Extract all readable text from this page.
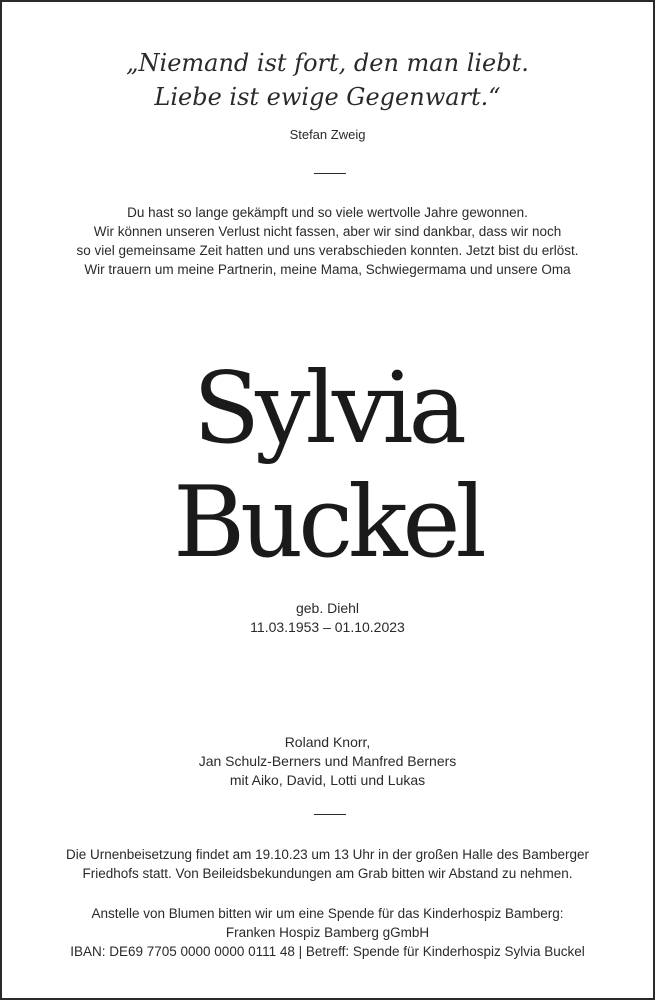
„Niemand ist fort, den man liebt.
Liebe ist ewige Gegenwart.“
Stefan Zweig
Du hast so lange gekämpft und so viele wertvolle Jahre gewonnen.
Wir können unseren Verlust nicht fassen, aber wir sind dankbar, dass wir noch
so viel gemeinsame Zeit hatten und uns verabschieden konnten. Jetzt bist du erlöst.
Wir trauern um meine Partnerin, meine Mama, Schwiegermama und unsere Oma
Sylvia
Buckel
geb. Diehl
11.03.1953 – 01.10.2023
Roland Knorr,
Jan Schulz-Berners und Manfred Berners
mit Aiko, David, Lotti und Lukas
Die Urnenbeisetzung findet am 19.10.23 um 13 Uhr in der großen Halle des Bamberger
Friedhofs statt. Von Beileidsbekundungen am Grab bitten wir Abstand zu nehmen.
Anstelle von Blumen bitten wir um eine Spende für das Kinderhospiz Bamberg:
Franken Hospiz Bamberg gGmbH
IBAN: DE69 7705 0000 0000 0111 48 | Betreff: Spende für Kinderhospiz Sylvia Buckel
